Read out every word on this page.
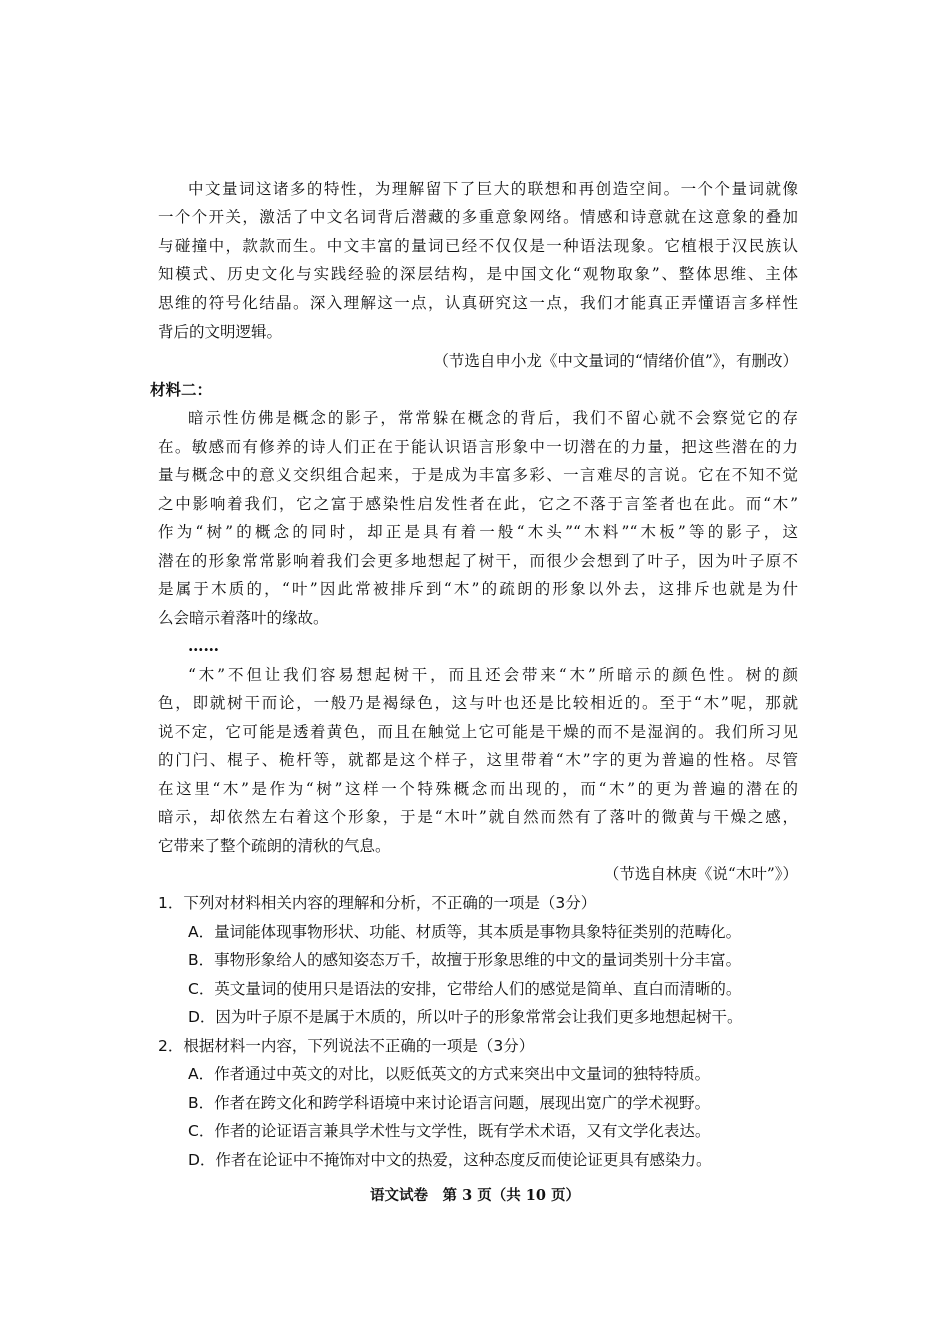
中文量词这诸多的特性，为理解留下了巨大的联想和再创造空间。一个个量词就像
一个个开关，激活了中文名词背后潜藏的多重意象网络。情感和诗意就在这意象的叠加
与碰撞中，款款而生。中文丰富的量词已经不仅仅是一种语法现象。它植根于汉民族认
知模式、历史文化与实践经验的深层结构，是中国文化“观物取象”、整体思维、主体
思维的符号化结晶。深入理解这一点，认真研究这一点，我们才能真正弄懂语言多样性
背后的文明逻辑。
（节选自申小龙《中文量词的“情绪价值”》，有删改）
材料二：
暗示性仿佛是概念的影子，常常躲在概念的背后，我们不留心就不会察觉它的存
在。敏感而有修养的诗人们正在于能认识语言形象中一切潜在的力量，把这些潜在的力
量与概念中的意义交织组合起来，于是成为丰富多彩、一言难尽的言说。它在不知不觉
之中影响着我们，它之富于感染性启发性者在此，它之不落于言筌者也在此。而“木”
作为“树”的概念的同时，却正是具有着一般“木头”“木料”“木板”等的影子，这
潜在的形象常常影响着我们会更多地想起了树干，而很少会想到了叶子，因为叶子原不
是属于木质的，“叶”因此常被排斥到“木”的疏朗的形象以外去，这排斥也就是为什
么会暗示着落叶的缘故。
……
“木”不但让我们容易想起树干，而且还会带来“木”所暗示的颜色性。树的颜
色，即就树干而论，一般乃是褐绿色，这与叶也还是比较相近的。至于“木”呢，那就
说不定，它可能是透着黄色，而且在触觉上它可能是干燥的而不是湿润的。我们所习见
的门闩、棍子、桅杆等，就都是这个样子，这里带着“木”字的更为普遍的性格。尽管
在这里“木”是作为“树”这样一个特殊概念而出现的，而“木”的更为普遍的潜在的
暗示，却依然左右着这个形象，于是“木叶”就自然而然有了落叶的微黄与干燥之感，
它带来了整个疏朗的清秋的气息。
（节选自林庚《说“木叶”》）
1．下列对材料相关内容的理解和分析，不正确的一项是（3分）
A．量词能体现事物形状、功能、材质等，其本质是事物具象特征类别的范畴化。
B．事物形象给人的感知姿态万千，故擅于形象思维的中文的量词类别十分丰富。
C．英文量词的使用只是语法的安排，它带给人们的感觉是简单、直白而清晰的。
D．因为叶子原不是属于木质的，所以叶子的形象常常会让我们更多地想起树干。
2．根据材料一内容，下列说法不正确的一项是（3分）
A．作者通过中英文的对比，以贬低英文的方式来突出中文量词的独特特质。
B．作者在跨文化和跨学科语境中来讨论语言问题，展现出宽广的学术视野。
C．作者的论证语言兼具学术性与文学性，既有学术术语，又有文学化表达。
D．作者在论证中不掩饰对中文的热爱，这种态度反而使论证更具有感染力。
语文试卷　第 3 页（共 10 页）
